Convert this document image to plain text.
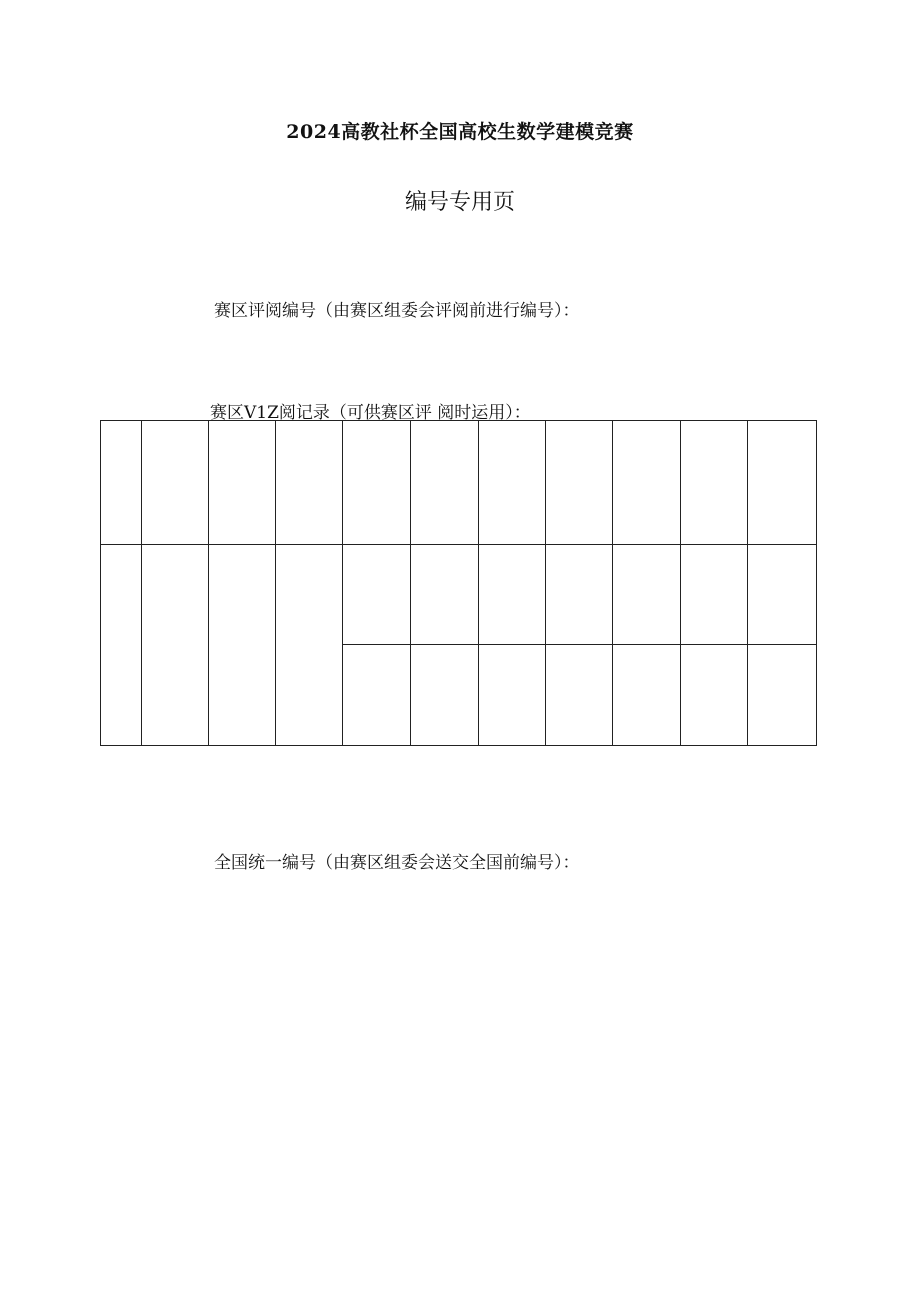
2024高教社杯全国高校生数学建模竞赛
编号专用页
赛区评阅编号（由赛区组委会评阅前进行编号）：
赛区V1Z阅记录（可供赛区评 阅时运用）：

全国统一编号（由赛区组委会送交全国前编号）：
